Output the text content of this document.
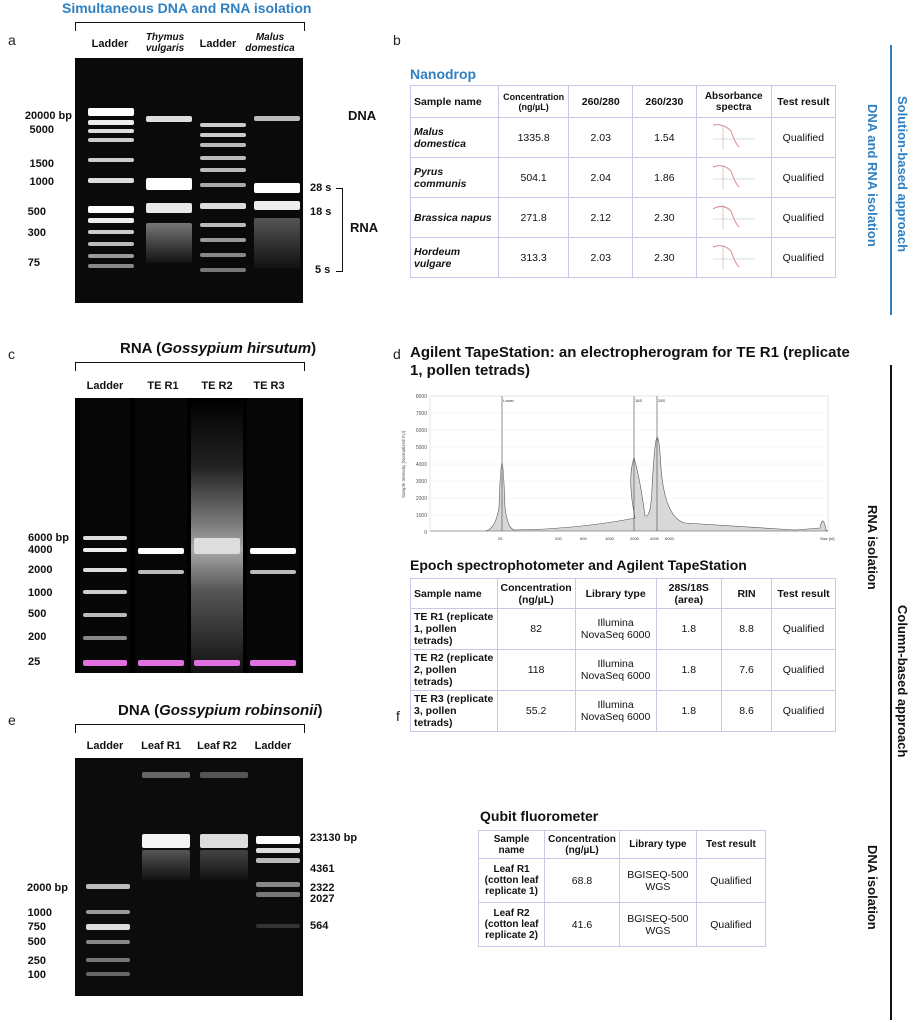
a
Simultaneous DNA and RNA isolation
Ladder
Thymus vulgaris	Ladder
Malus domestica
20000 bp
5000
1500
1000
500
300
75
DNA
28 s
18 s
5 s
RNA
b
Nanodrop
Sample name	Concentration (ng/µL)	260/280	260/230	Absorbance spectra	Test result
Malus domestica	1335.8	2.03	1.54		Qualified
Pyrus communis	504.1	2.04	1.86		Qualified
Brassica napus	271.8	2.12	2.30		Qualified
Hordeum vulgare	313.3	2.03	2.30		Qualified
Solution-based approach
DNA and RNA isolation
RNA isolation
Column-based approach
DNA isolation
c	RNA (Gossypium hirsutum)
Ladder	TE R1	TE R2	TE R3
6000 bp
4000
2000
1000
500
200
25
d Agilent TapeStation: an electropherogram for TE R1 (replicate 1, pollen tetrads)
8000
7000
6000
5000
4000
3000
2000
1000
0
Sample Intensity [Normalized FU]
Lower	18S	28S
25	200	500	1000	2000	4000 6000	Size [nt]
Epoch spectrophotometer and Agilent TapeStation
Sample name	Concentration (ng/µL)	Library type	28S/18S (area)	RIN	Test result
TE R1 (replicate 1, pollen tetrads)	82	Illumina NovaSeq 6000	1.8	8.8	Qualified
TE R2 (replicate 2, pollen tetrads)	118	Illumina NovaSeq 6000	1.8	7.6	Qualified
TE R3 (replicate 3, pollen tetrads)	55.2	Illumina NovaSeq 6000	1.8	8.6	Qualified
e
DNA (Gossypium robinsonii)
Ladder	Leaf R1	Leaf R2	Ladder
2000 bp
1000
750
500
250
100
23130 bp
4361
2322
2027
564
f
Qubit fluorometer
Sample name	Concentration (ng/µL)	Library type	Test result
Leaf R1 (cotton leaf replicate 1)	68.8	BGISEQ-500 WGS	Qualified
Leaf R2 (cotton leaf replicate 2)	41.6	BGISEQ-500 WGS	Qualified
